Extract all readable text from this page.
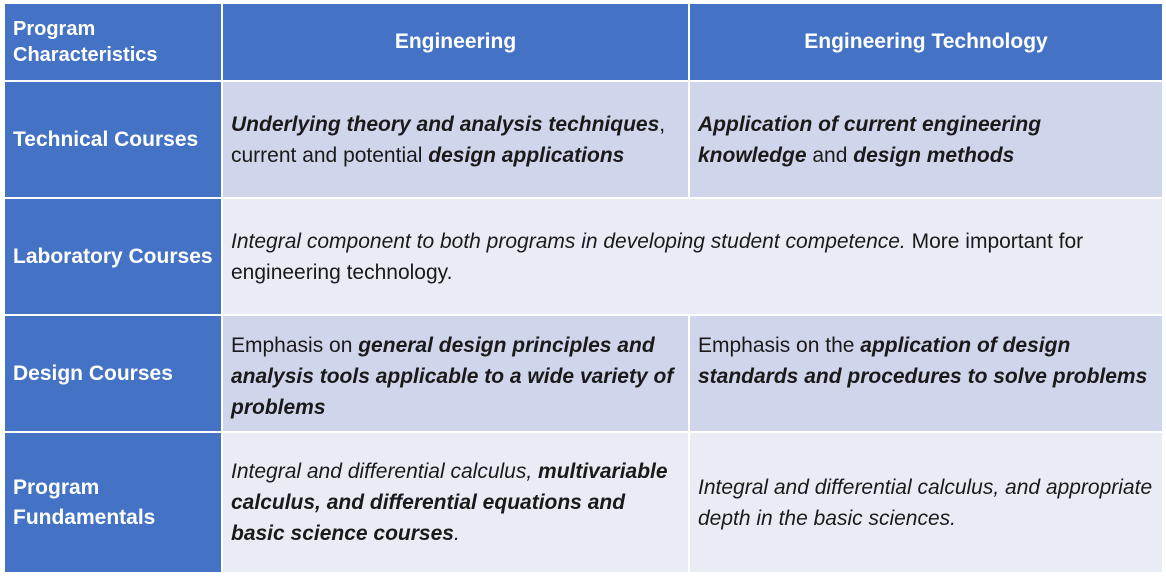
Program Characteristics	Engineering	Engineering Technology
Technical Courses	Underlying theory and analysis techniques, current and potential design applications	Application of current engineering knowledge and design methods
Laboratory Courses	Integral component to both programs in developing student competence. More important for engineering technology.	
Design Courses	Emphasis on general design principles and analysis tools applicable to a wide variety of problems	Emphasis on the application of design standards and procedures to solve problems
Program Fundamentals	Integral and differential calculus, multivariable calculus, and differential equations and basic science courses.	Integral and differential calculus, and appropriate depth in the basic sciences.
